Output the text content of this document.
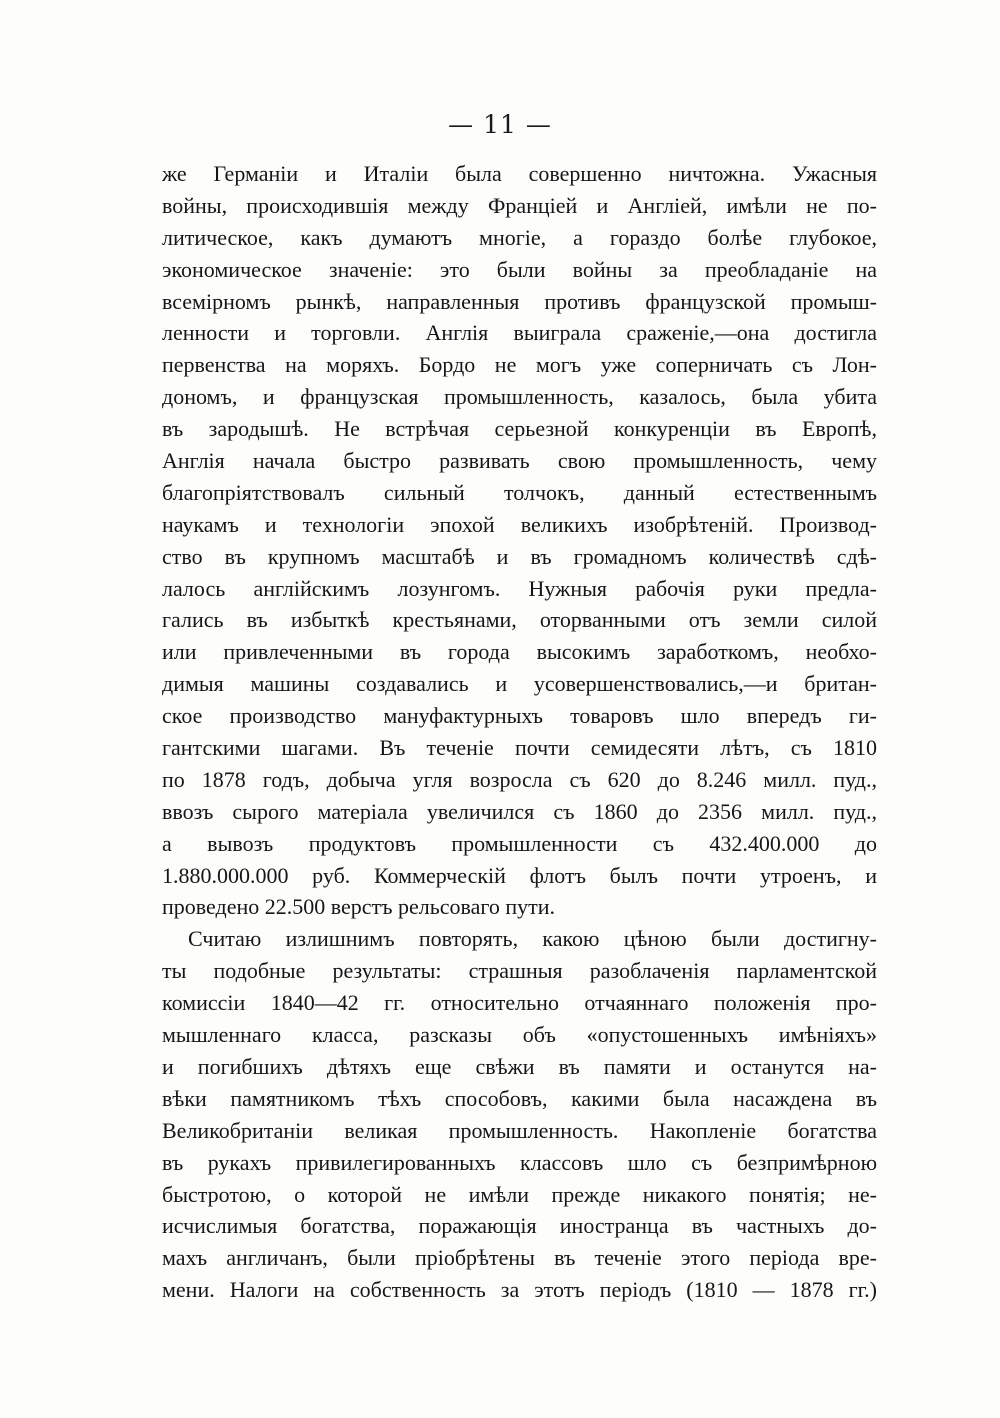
— 11 —
же Германіи и Италіи была совершенно ничтожна. Ужасныя
войны, происходившія между Франціей и Англіей, имѣли не по-
литическое, какъ думаютъ многіе, а гораздо болѣе глубокое,
экономическое значеніе: это были войны за преобладаніе на
всемірномъ рынкѣ, направленныя противъ французской промыш-
ленности и торговли. Англія выиграла сраженіе,—она достигла
первенства на моряхъ. Бордо не могъ уже соперничать съ Лон-
дономъ, и французская промышленность, казалось, была убита
въ зародышѣ. Не встрѣчая серьезной конкуренціи въ Европѣ,
Англія начала быстро развивать свою промышленность, чему
благопріятствовалъ сильный толчокъ, данный естественнымъ
наукамъ и технологіи эпохой великихъ изобрѣтеній. Производ-
ство въ крупномъ масштабѣ и въ громадномъ количествѣ сдѣ-
лалось англійскимъ лозунгомъ. Нужныя рабочія руки предла-
гались въ избыткѣ крестьянами, оторванными отъ земли силой
или привлеченными въ города высокимъ заработкомъ, необхо-
димыя машины создавались и усовершенствовались,—и британ-
ское производство мануфактурныхъ товаровъ шло впередъ ги-
гантскими шагами. Въ теченіе почти семидесяти лѣтъ, съ 1810
по 1878 годъ, добыча угля возросла съ 620 до 8.246 милл. пуд.,
ввозъ сырого матеріала увеличился съ 1860 до 2356 милл. пуд.,
а вывозъ продуктовъ промышленности съ 432.400.000 до
1.880.000.000 руб. Коммерческій флотъ былъ почти утроенъ, и
проведено 22.500 верстъ рельсоваго пути.
Считаю излишнимъ повторять, какою цѣною были достигну-
ты подобные результаты: страшныя разоблаченія парламентской
комиссіи 1840—42 гг. относительно отчаяннаго положенія про-
мышленнаго класса, разсказы объ «опустошенныхъ имѣніяхъ»
и погибшихъ дѣтяхъ еще свѣжи въ памяти и останутся на-
вѣки памятникомъ тѣхъ способовъ, какими была насаждена въ
Великобританіи великая промышленность. Накопленіе богатства
въ рукахъ привилегированныхъ классовъ шло съ безпримѣрною
быстротою, о которой не имѣли прежде никакого понятія; не-
исчислимыя богатства, поражающія иностранца въ частныхъ до-
махъ англичанъ, были пріобрѣтены въ теченіе этого періода вре-
мени. Налоги на собственность за этотъ періодъ (1810 — 1878 гг.)
